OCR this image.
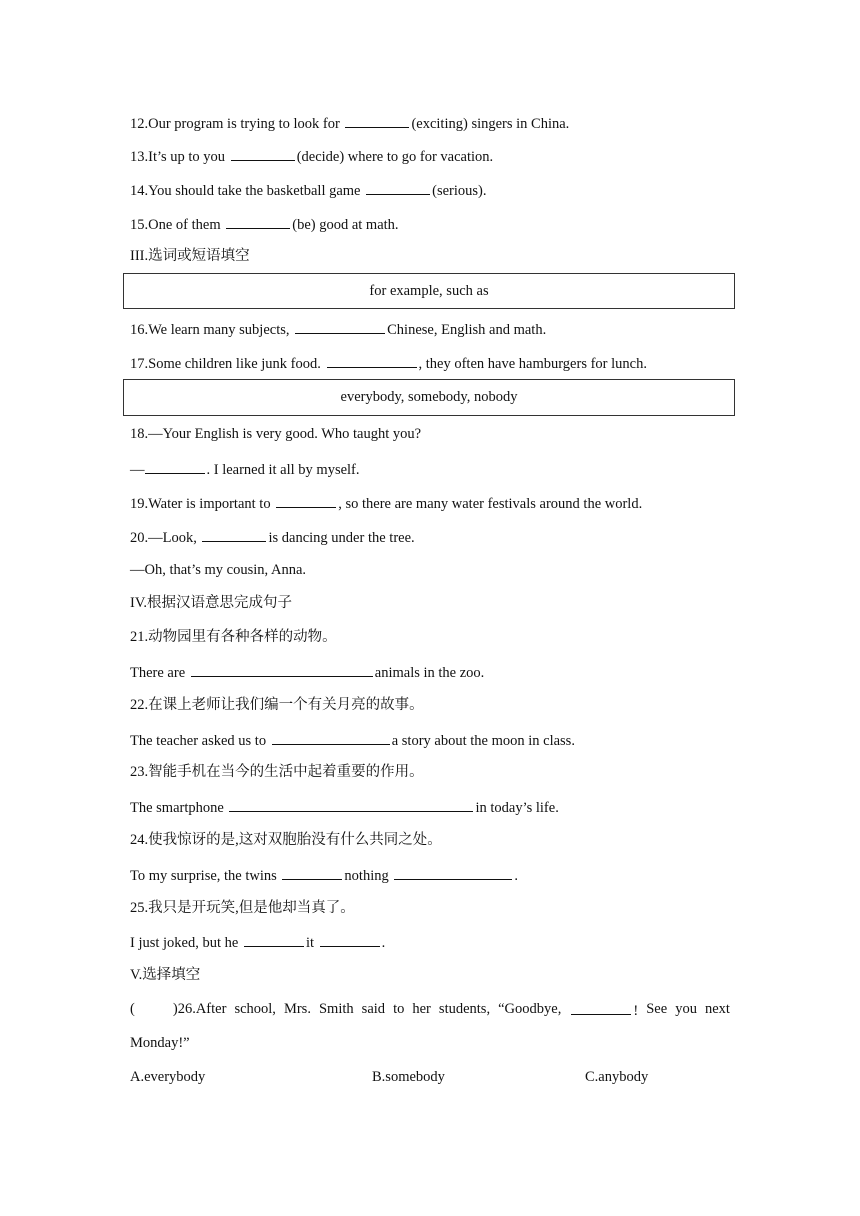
12.Our program is trying to look for	(exciting) singers in China.
13.It’s up to you	(decide) where to go for vacation.
14.You should take the basketball game	(serious).
15.One of them	(be) good at math.
III.选词或短语填空
for example, such as
16.We learn many subjects,	Chinese, English and math.
17.Some children like junk food.	, they often have hamburgers for lunch.
everybody, somebody, nobody
18.—Your English is very good. Who taught you?
—	. I learned it all by myself.
19.Water is important to	, so there are many water festivals around the world.
20.—Look,	is dancing under the tree.
—Oh, that’s my cousin, Anna.
IV.根据汉语意思完成句子
21.动物园里有各种各样的动物。
There are	animals in the zoo.
22.在课上老师让我们编一个有关月亮的故事。
The teacher asked us to	a story about the moon in class.
23.智能手机在当今的生活中起着重要的作用。
The smartphone	in today’s life.
24.使我惊讶的是,这对双胞胎没有什么共同之处。
To my surprise, the twins	nothing	.
25.我只是开玩笑,但是他却当真了。
I just joked, but he	it	.
V.选择填空
(	)26.After school, Mrs. Smith said to her students, “Goodbye,	! See you next
Monday!”
A.everybody	B.somebody	C.anybody
